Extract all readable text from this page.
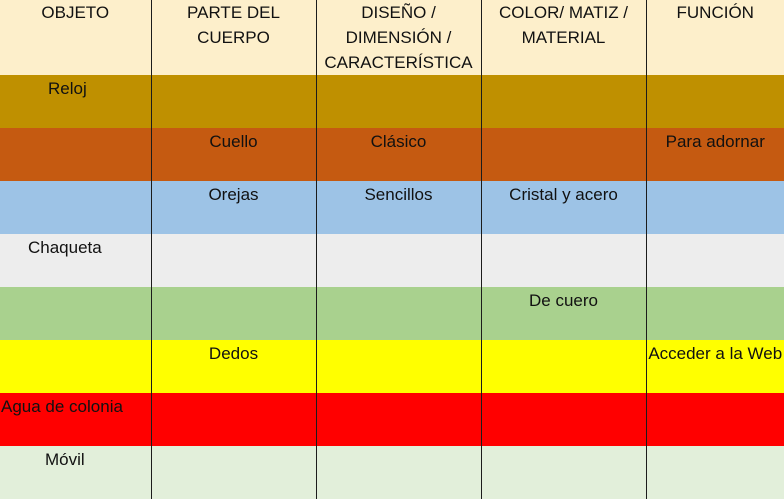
OBJETO	PARTE DEL CUERPO	DISEÑO / DIMENSIÓN / CARACTERÍSTICA	COLOR/ MATIZ / MATERIAL	FUNCIÓN
Reloj				
	Cuello	Clásico		Para adornar
	Orejas	Sencillos	Cristal y acero	
Chaqueta				
			De cuero	
	Dedos			Acceder a la Web
Agua de colonia				
Móvil				
